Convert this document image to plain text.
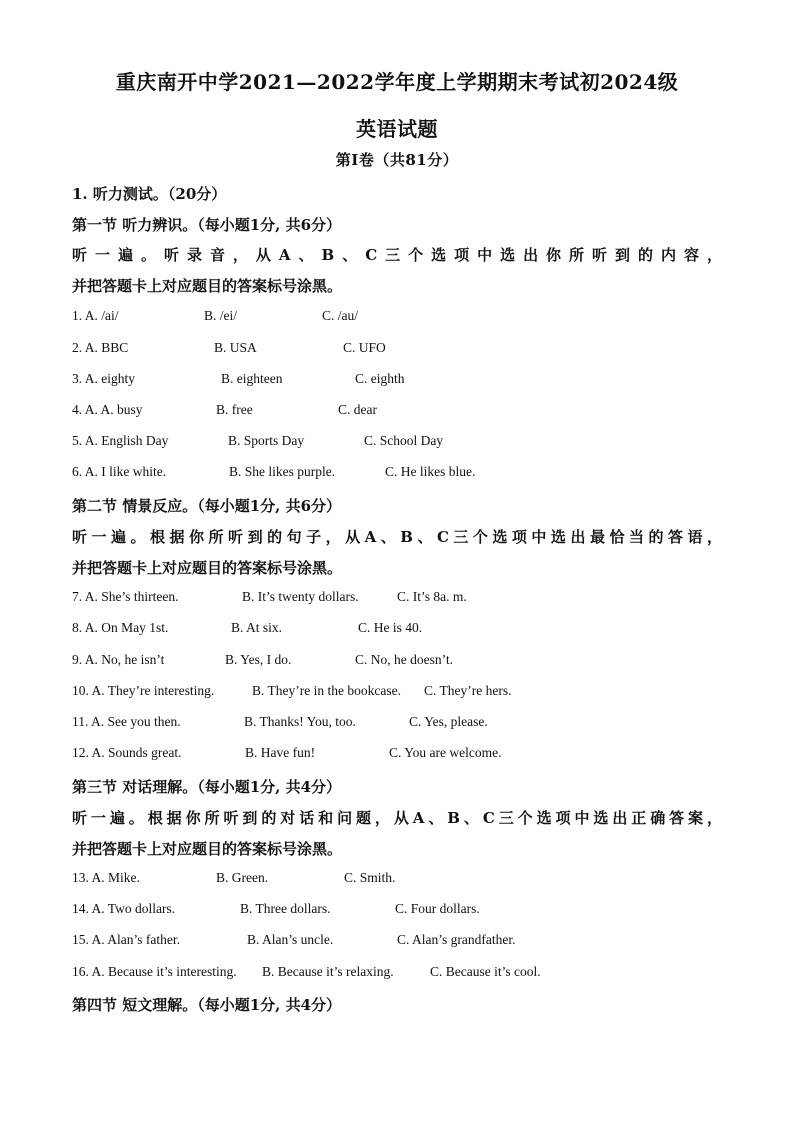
重庆南开中学2021—2022学年度上学期期末考试初2024级
英语试题
第Ⅰ卷（共81分）
1. 听力测试。（20分）
第一节 听力辨识。（每小题1分, 共6分）
听一遍。听录音，从A、B、C三个选项中选出你所听到的内容，
并把答题卡上对应题目的答案标号涂黑。
1. A. /ai/	B. /ei/	C. /au/
2. A. BBC	B. USA	C. UFO
3. A. eighty	B. eighteen	C. eighth
4. A. A. busy	B. free	C. dear
5. A. English Day	B. Sports Day	C. School Day
6. A. I like white.	B. She likes purple.	C. He likes blue.
第二节 情景反应。（每小题1分, 共6分）
听一遍。根据你所听到的句子，从A、B、C三个选项中选出最恰当的答语，
并把答题卡上对应题目的答案标号涂黑。
7. A. She’s thirteen.	B. It’s twenty dollars.	C. It’s 8a. m.
8. A. On May 1st.	B. At six.	C. He is 40.
9. A. No, he isn’t	B. Yes, I do.	C. No, he doesn’t.
10. A. They’re interesting.	B. They’re in the bookcase. C. They’re hers.
11. A. See you then.	B. Thanks! You, too.	C. Yes, please.
12. A. Sounds great.	B. Have fun!	C. You are welcome.
第三节 对话理解。（每小题1分, 共4分）
听一遍。根据你所听到的对话和问题，从A、B、C三个选项中选出正确答案，
并把答题卡上对应题目的答案标号涂黑。
13. A. Mike.	B. Green.	C. Smith.
14. A. Two dollars.	B. Three dollars.	C. Four dollars.
15. A. Alan’s father.	B. Alan’s uncle.	C. Alan’s grandfather.
16. A. Because it’s interesting. B. Because it’s relaxing.	C. Because it’s cool.
第四节 短文理解。（每小题1分, 共4分）
